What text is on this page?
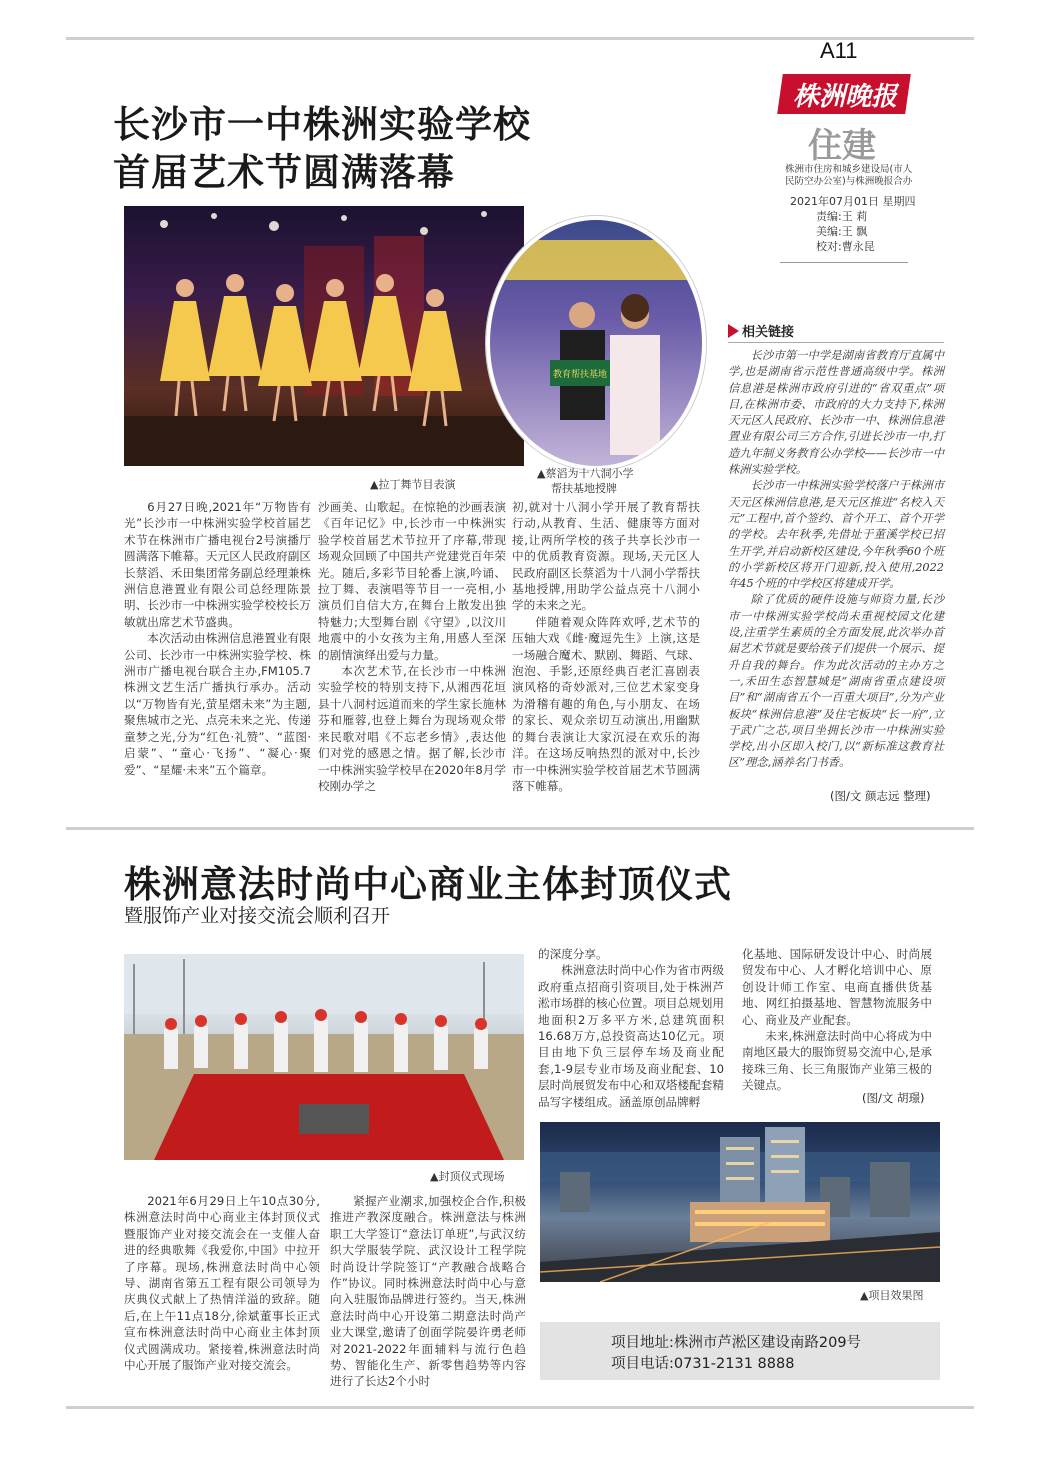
A11
株洲晚报
住建
株洲市住房和城乡建设局(市人民防空办公室)与株洲晚报合办
2021年07月01日 星期四
责编:王 莉
美编:王 飘
校对:曹永昆
长沙市一中株洲实验学校
首届艺术节圆满落幕
▲拉丁舞节目表演
教育帮扶基地
▲蔡滔为十八洞小学
帮扶基地授牌

6月27日晚,2021年“万物皆有光”长沙市一中株洲实验学校首届艺术节在株洲市广播电视台2号演播厅圆满落下帷幕。天元区人民政府副区长蔡滔、禾田集团常务副总经理兼株洲信息港置业有限公司总经理陈景明、长沙市一中株洲实验学校校长万敏就出席艺术节盛典。

本次活动由株洲信息港置业有限公司、长沙市一中株洲实验学校、株洲市广播电视台联合主办,FM105.7株洲文艺生活广播执行承办。活动以“万物皆有光,萤星熠未来”为主题,聚焦城市之光、点亮未来之光、传递童梦之光,分为“红色·礼赞”、“蓝图·启蒙”、“童心·飞扬”、“凝心·聚爱”、“星耀·未来”五个篇章。

沙画美、山歌起。在惊艳的沙画表演《百年记忆》中,长沙市一中株洲实验学校首届艺术节拉开了序幕,带现场观众回顾了中国共产党建党百年荣光。随后,多彩节目轮番上演,吟诵、拉丁舞、表演唱等节目一一亮相,小演员们自信大方,在舞台上散发出独特魅力;大型舞台剧《守望》,以汶川地震中的小女孩为主角,用感人至深的剧情演绎出爱与力量。

本次艺术节,在长沙市一中株洲实验学校的特别支持下,从湘西花垣县十八洞村远道而来的学生家长施林芬和雁蓉,也登上舞台为现场观众带来民歌对唱《不忘老乡情》,表达他们对党的感恩之情。据了解,长沙市一中株洲实验学校早在2020年8月学校刚办学之

初,就对十八洞小学开展了教育帮扶行动,从教育、生活、健康等方面对接,让两所学校的孩子共享长沙市一中的优质教育资源。现场,天元区人民政府副区长蔡滔为十八洞小学帮扶基地授牌,用助学公益点亮十八洞小学的未来之光。

伴随着观众阵阵欢呼,艺术节的压轴大戏《雌·魔逗先生》上演,这是一场融合魔术、默剧、舞蹈、气球、泡泡、手影,还原经典百老汇喜剧表演风格的奇妙派对,三位艺术家变身为滑稽有趣的角色,与小朋友、在场的家长、观众亲切互动演出,用幽默的舞台表演让大家沉浸在欢乐的海洋。在这场反响热烈的派对中,长沙市一中株洲实验学校首届艺术节圆满落下帷幕。

相关链接

长沙市第一中学是湖南省教育厅直属中学,也是湖南省示范性普通高级中学。株洲信息港是株洲市政府引进的“省双重点”项目,在株洲市委、市政府的大力支持下,株洲天元区人民政府、长沙市一中、株洲信息港置业有限公司三方合作,引进长沙市一中,打造九年制义务教育公办学校——长沙市一中株洲实验学校。

长沙市一中株洲实验学校落户于株洲市天元区株洲信息港,是天元区推进“名校入天元”工程中,首个签约、首个开工、首个开学的学校。去年秋季,先借址于董溪学校已招生开学,并启动新校区建设,今年秋季60个班的小学新校区将开门迎新,投入使用,2022年45个班的中学校区将建成开学。

除了优质的硬件设施与师资力量,长沙市一中株洲实验学校尚未重视校园文化建设,注重学生素质的全方面发展,此次举办首届艺术节就是要给孩子们提供一个展示、提升自我的舞台。作为此次活动的主办方之一,禾田生态智慧城是“湖南省重点建设项目”和“湖南省五个一百重大项目”,分为产业板块“株洲信息港”及住宅板块“长一府”,立于武广之芯,项目坐拥长沙市一中株洲实验学校,出小区即入校门,以“新标准这教育社区”理念,涵养名门书香。

(图/文 颜志远 整理)
株洲意法时尚中心商业主体封顶仪式
暨服饰产业对接交流会顺利召开
▲封顶仪式现场

的深度分享。

株洲意法时尚中心作为省市两级政府重点招商引资项目,处于株洲芦淞市场群的核心位置。项目总规划用地面积2万多平方米,总建筑面积16.68万方,总投资高达10亿元。项目由地下负三层停车场及商业配套,1-9层专业市场及商业配套、10层时尚展贸发布中心和双塔楼配套精品写字楼组成。涵盖原创品牌孵

化基地、国际研发设计中心、时尚展贸发布中心、人才孵化培训中心、原创设计师工作室、电商直播供货基地、网红拍摄基地、智慧物流服务中心、商业及产业配套。

未来,株洲意法时尚中心将成为中南地区最大的服饰贸易交流中心,是承接珠三角、长三角服饰产业第三极的关键点。

(图/文 胡璟)
▲项目效果图

2021年6月29日上午10点30分,株洲意法时尚中心商业主体封顶仪式暨服饰产业对接交流会在一支催人奋进的经典歌舞《我爱你,中国》中拉开了序幕。现场,株洲意法时尚中心领导、湖南省第五工程有限公司领导为庆典仪式献上了热情洋溢的致辞。随后,在上午11点18分,徐斌董事长正式宣布株洲意法时尚中心商业主体封顶仪式圆满成功。紧接着,株洲意法时尚中心开展了服饰产业对接交流会。

紧握产业潮求,加强校企合作,积极推进产教深度融合。株洲意法与株洲职工大学签订“意法订单班”,与武汉纺织大学服装学院、武汉设计工程学院时尚设计学院签订“产教融合战略合作”协议。同时株洲意法时尚中心与意向入驻服饰品牌进行签约。当天,株洲意法时尚中心开设第二期意法时尚产业大课堂,邀请了创面学院晏许勇老师对2021-2022年面辅料与流行色趋势、智能化生产、新零售趋势等内容进行了长达2个小时

项目地址:株洲市芦淞区建设南路209号
项目电话:0731-2131 8888
